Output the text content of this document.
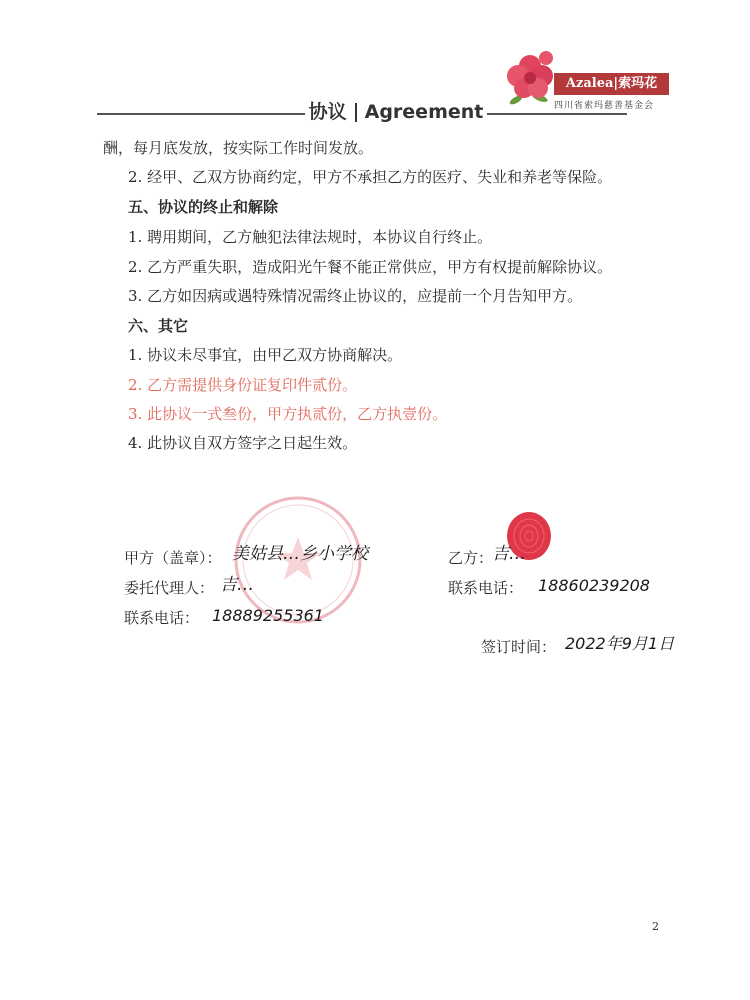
协议 Agreement
Azalea|索玛花
四川省索玛慈善基金会
酬，每月底发放，按实际工作时间发放。
2. 经甲、乙双方协商约定，甲方不承担乙方的医疗、失业和养老等保险。
五、协议的终止和解除
1. 聘用期间，乙方触犯法律法规时，本协议自行终止。
2. 乙方严重失职，造成阳光午餐不能正常供应，甲方有权提前解除协议。
3. 乙方如因病或遇特殊情况需终止协议的，应提前一个月告知甲方。
六、其它
1. 协议未尽事宜，由甲乙双方协商解决。
2. 乙方需提供身份证复印件贰份。
3. 此协议一式叁份，甲方执贰份，乙方执壹份。
4. 此协议自双方签字之日起生效。
甲方（盖章）： 美姑县…乡小学校
委托代理人： 吉…
联系电话： 18889255361
乙方：
吉…
联系电话： 18860239208
签订时间： 2022年9月1日
2
